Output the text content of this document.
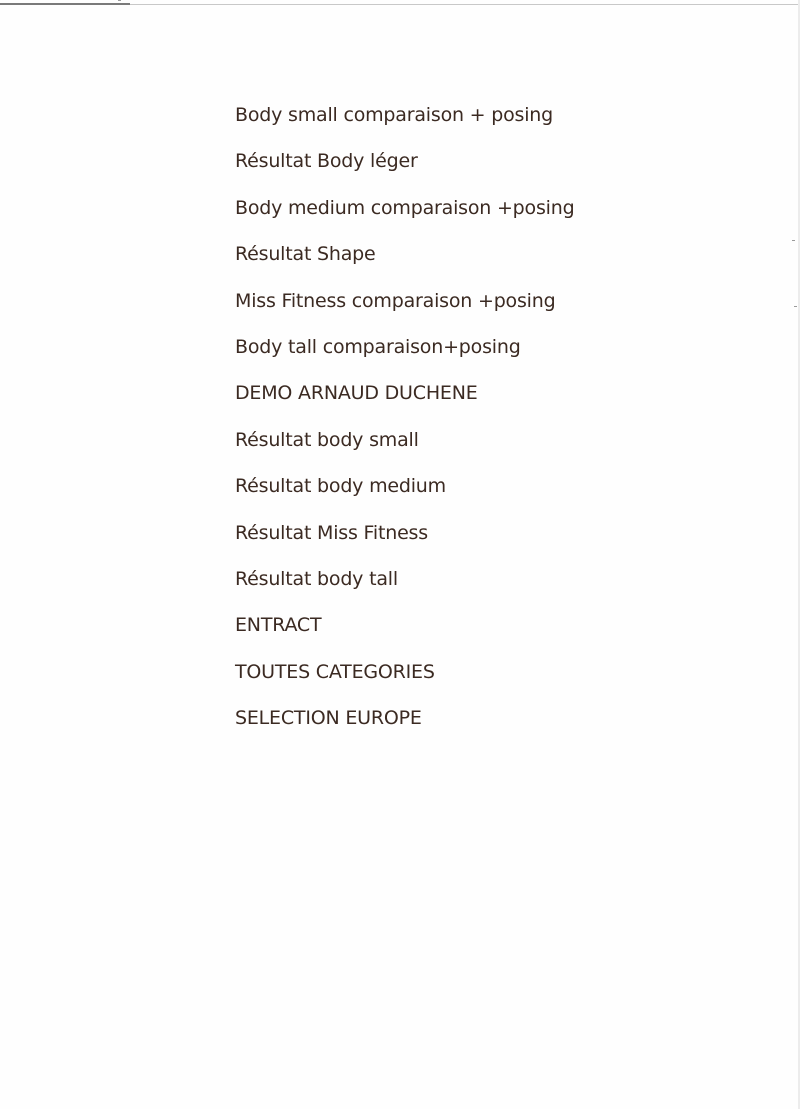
Body small comparaison + posing
Résultat Body léger
Body medium comparaison +posing
Résultat Shape
Miss Fitness comparaison +posing
Body tall comparaison+posing
DEMO ARNAUD DUCHENE
Résultat body small
Résultat body medium
Résultat Miss Fitness
Résultat body tall
ENTRACT
TOUTES CATEGORIES
SELECTION EUROPE
